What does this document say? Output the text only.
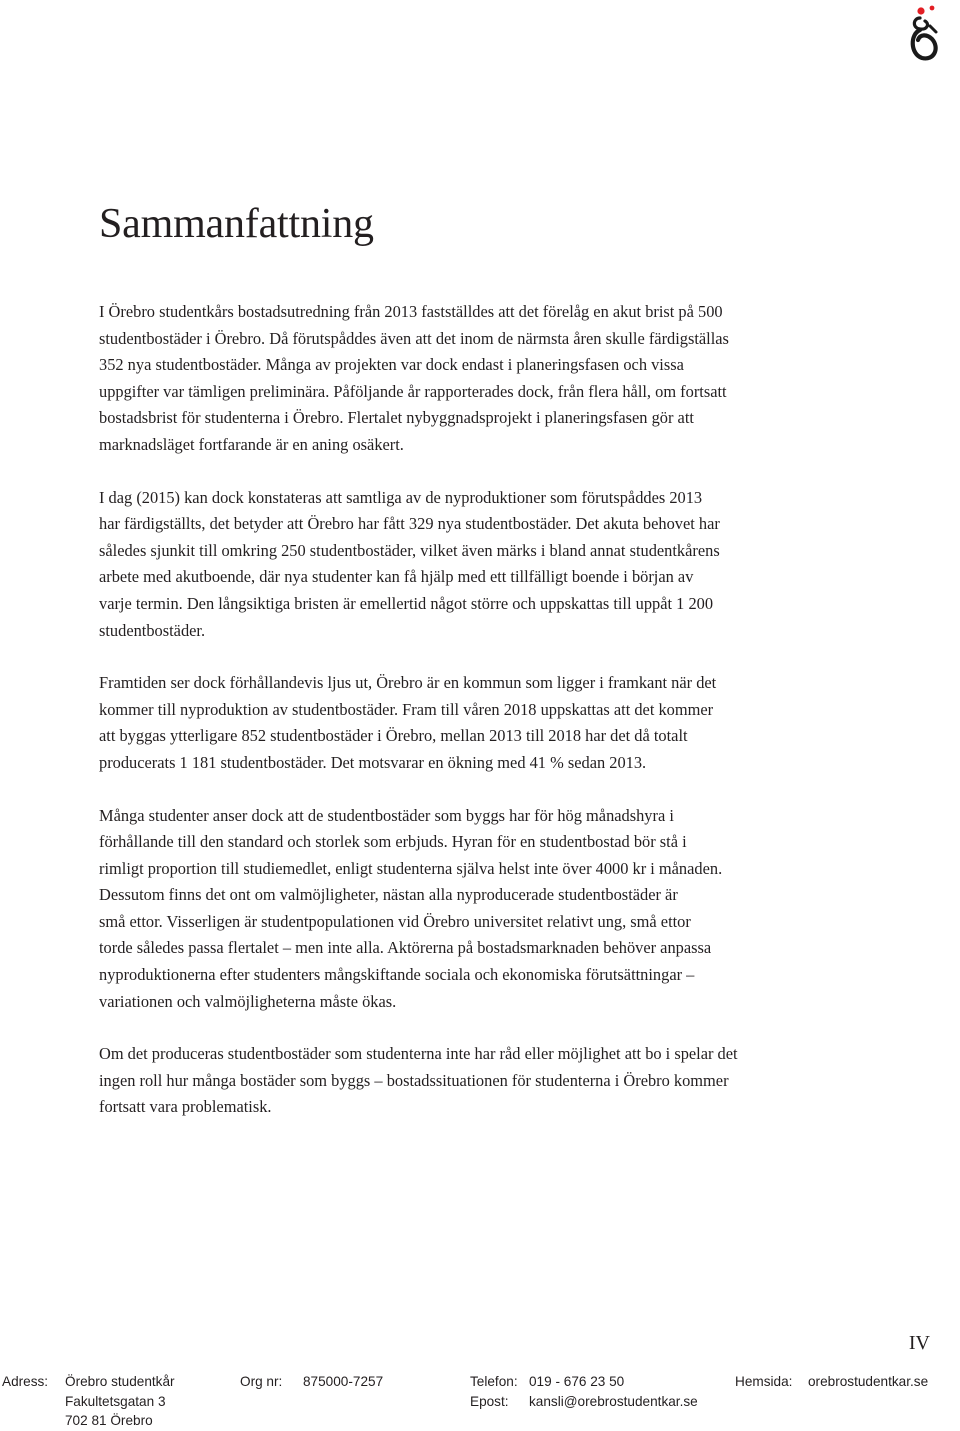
Sammanfattning

I Örebro studentkårs bostadsutredning från 2013 fastställdes att det förelåg en akut brist på 500
studentbostäder i Örebro. Då förutspåddes även att det inom de närmsta åren skulle färdigställas
352 nya studentbostäder. Många av projekten var dock endast i planeringsfasen och vissa
uppgifter var tämligen preliminära. Påföljande år rapporterades dock, från flera håll, om fortsatt
bostadsbrist för studenterna i Örebro. Flertalet nybyggnadsprojekt i planeringsfasen gör att
marknadsläget fortfarande är en aning osäkert.

I dag (2015) kan dock konstateras att samtliga av de nyproduktioner som förutspåddes 2013
har färdigställts, det betyder att Örebro har fått 329 nya studentbostäder. Det akuta behovet har
således sjunkit till omkring 250 studentbostäder, vilket även märks i bland annat studentkårens
arbete med akutboende, där nya studenter kan få hjälp med ett tillfälligt boende i början av
varje termin. Den långsiktiga bristen är emellertid något större och uppskattas till uppåt 1 200
studentbostäder.

Framtiden ser dock förhållandevis ljus ut, Örebro är en kommun som ligger i framkant när det
kommer till nyproduktion av studentbostäder. Fram till våren 2018 uppskattas att det kommer
att byggas ytterligare 852 studentbostäder i Örebro, mellan 2013 till 2018 har det då totalt
producerats 1 181 studentbostäder. Det motsvarar en ökning med 41 % sedan 2013.

Många studenter anser dock att de studentbostäder som byggs har för hög månadshyra i
förhållande till den standard och storlek som erbjuds. Hyran för en studentbostad bör stå i
rimligt proportion till studiemedlet, enligt studenterna själva helst inte över 4000 kr i månaden.
Dessutom finns det ont om valmöjligheter, nästan alla nyproducerade studentbostäder är
små ettor. Visserligen är studentpopulationen vid Örebro universitet relativt ung, små ettor
torde således passa flertalet – men inte alla. Aktörerna på bostadsmarknaden behöver anpassa
nyproduktionerna efter studenters mångskiftande sociala och ekonomiska förutsättningar –
variationen och valmöjligheterna måste ökas.

Om det produceras studentbostäder som studenterna inte har råd eller möjlighet att bo i spelar det
ingen roll hur många bostäder som byggs – bostadssituationen för studenterna i Örebro kommer
fortsatt vara problematisk.

IV
Adress: Örebro studentkår
Fakultetsgatan 3
702 81 Örebro
Org nr: 875000-7257	Telefon: 019 - 676 23 50
Epost: kansli@orebrostudentkar.se
Hemsida: orebrostudentkar.se
